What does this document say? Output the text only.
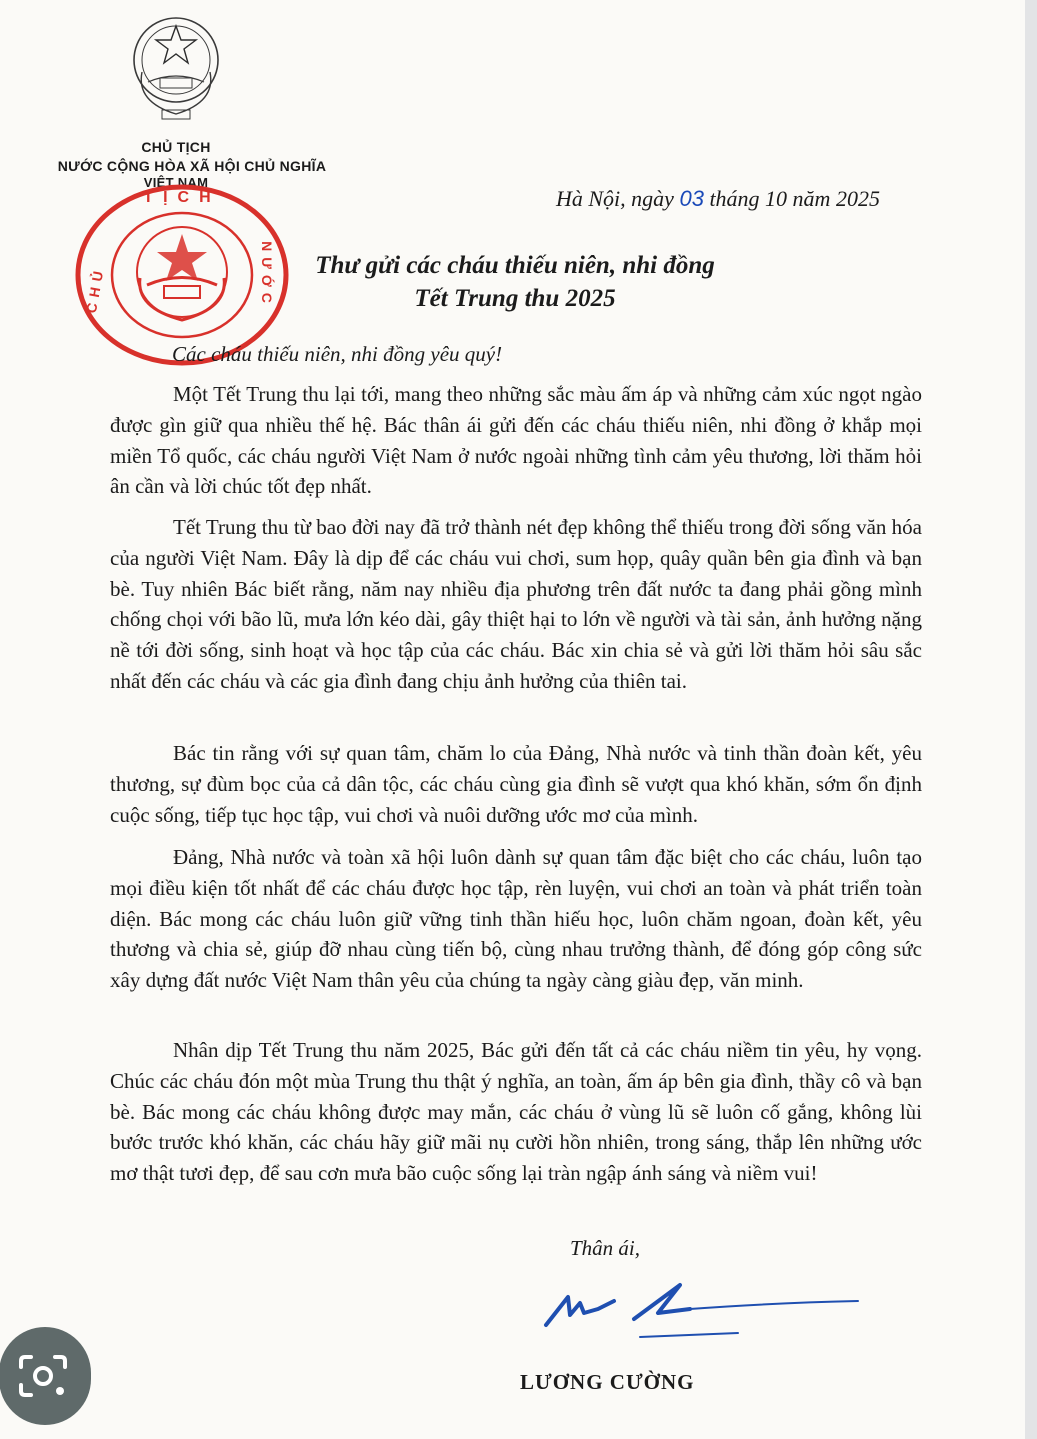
CHỦ TỊCH
NƯỚC CỘNG HÒA XÃ HỘI CHỦ NGHĨA
VIỆT NAM
TỊCH
NƯỚC
CHỦ
Hà Nội, ngày 03 tháng 10 năm 2025
Thư gửi các cháu thiếu niên, nhi đồng
Tết Trung thu 2025
Các cháu thiếu niên, nhi đồng yêu quý!

Một Tết Trung thu lại tới, mang theo những sắc màu ấm áp và những cảm xúc ngọt ngào được gìn giữ qua nhiều thế hệ. Bác thân ái gửi đến các cháu thiếu niên, nhi đồng ở khắp mọi miền Tổ quốc, các cháu người Việt Nam ở nước ngoài những tình cảm yêu thương, lời thăm hỏi ân cần và lời chúc tốt đẹp nhất.

Tết Trung thu từ bao đời nay đã trở thành nét đẹp không thể thiếu trong đời sống văn hóa của người Việt Nam. Đây là dịp để các cháu vui chơi, sum họp, quây quần bên gia đình và bạn bè. Tuy nhiên Bác biết rằng, năm nay nhiều địa phương trên đất nước ta đang phải gồng mình chống chọi với bão lũ, mưa lớn kéo dài, gây thiệt hại to lớn về người và tài sản, ảnh hưởng nặng nề tới đời sống, sinh hoạt và học tập của các cháu. Bác xin chia sẻ và gửi lời thăm hỏi sâu sắc nhất đến các cháu và các gia đình đang chịu ảnh hưởng của thiên tai.

Bác tin rằng với sự quan tâm, chăm lo của Đảng, Nhà nước và tinh thần đoàn kết, yêu thương, sự đùm bọc của cả dân tộc, các cháu cùng gia đình sẽ vượt qua khó khăn, sớm ổn định cuộc sống, tiếp tục học tập, vui chơi và nuôi dưỡng ước mơ của mình.

Đảng, Nhà nước và toàn xã hội luôn dành sự quan tâm đặc biệt cho các cháu, luôn tạo mọi điều kiện tốt nhất để các cháu được học tập, rèn luyện, vui chơi an toàn và phát triển toàn diện. Bác mong các cháu luôn giữ vững tinh thần hiếu học, luôn chăm ngoan, đoàn kết, yêu thương và chia sẻ, giúp đỡ nhau cùng tiến bộ, cùng nhau trưởng thành, để đóng góp công sức xây dựng đất nước Việt Nam thân yêu của chúng ta ngày càng giàu đẹp, văn minh.

Nhân dịp Tết Trung thu năm 2025, Bác gửi đến tất cả các cháu niềm tin yêu, hy vọng. Chúc các cháu đón một mùa Trung thu thật ý nghĩa, an toàn, ấm áp bên gia đình, thầy cô và bạn bè. Bác mong các cháu không được may mắn, các cháu ở vùng lũ sẽ luôn cố gắng, không lùi bước trước khó khăn, các cháu hãy giữ mãi nụ cười hồn nhiên, trong sáng, thắp lên những ước mơ thật tươi đẹp, để sau cơn mưa bão cuộc sống lại tràn ngập ánh sáng và niềm vui!

Thân ái,
LƯƠNG CƯỜNG
